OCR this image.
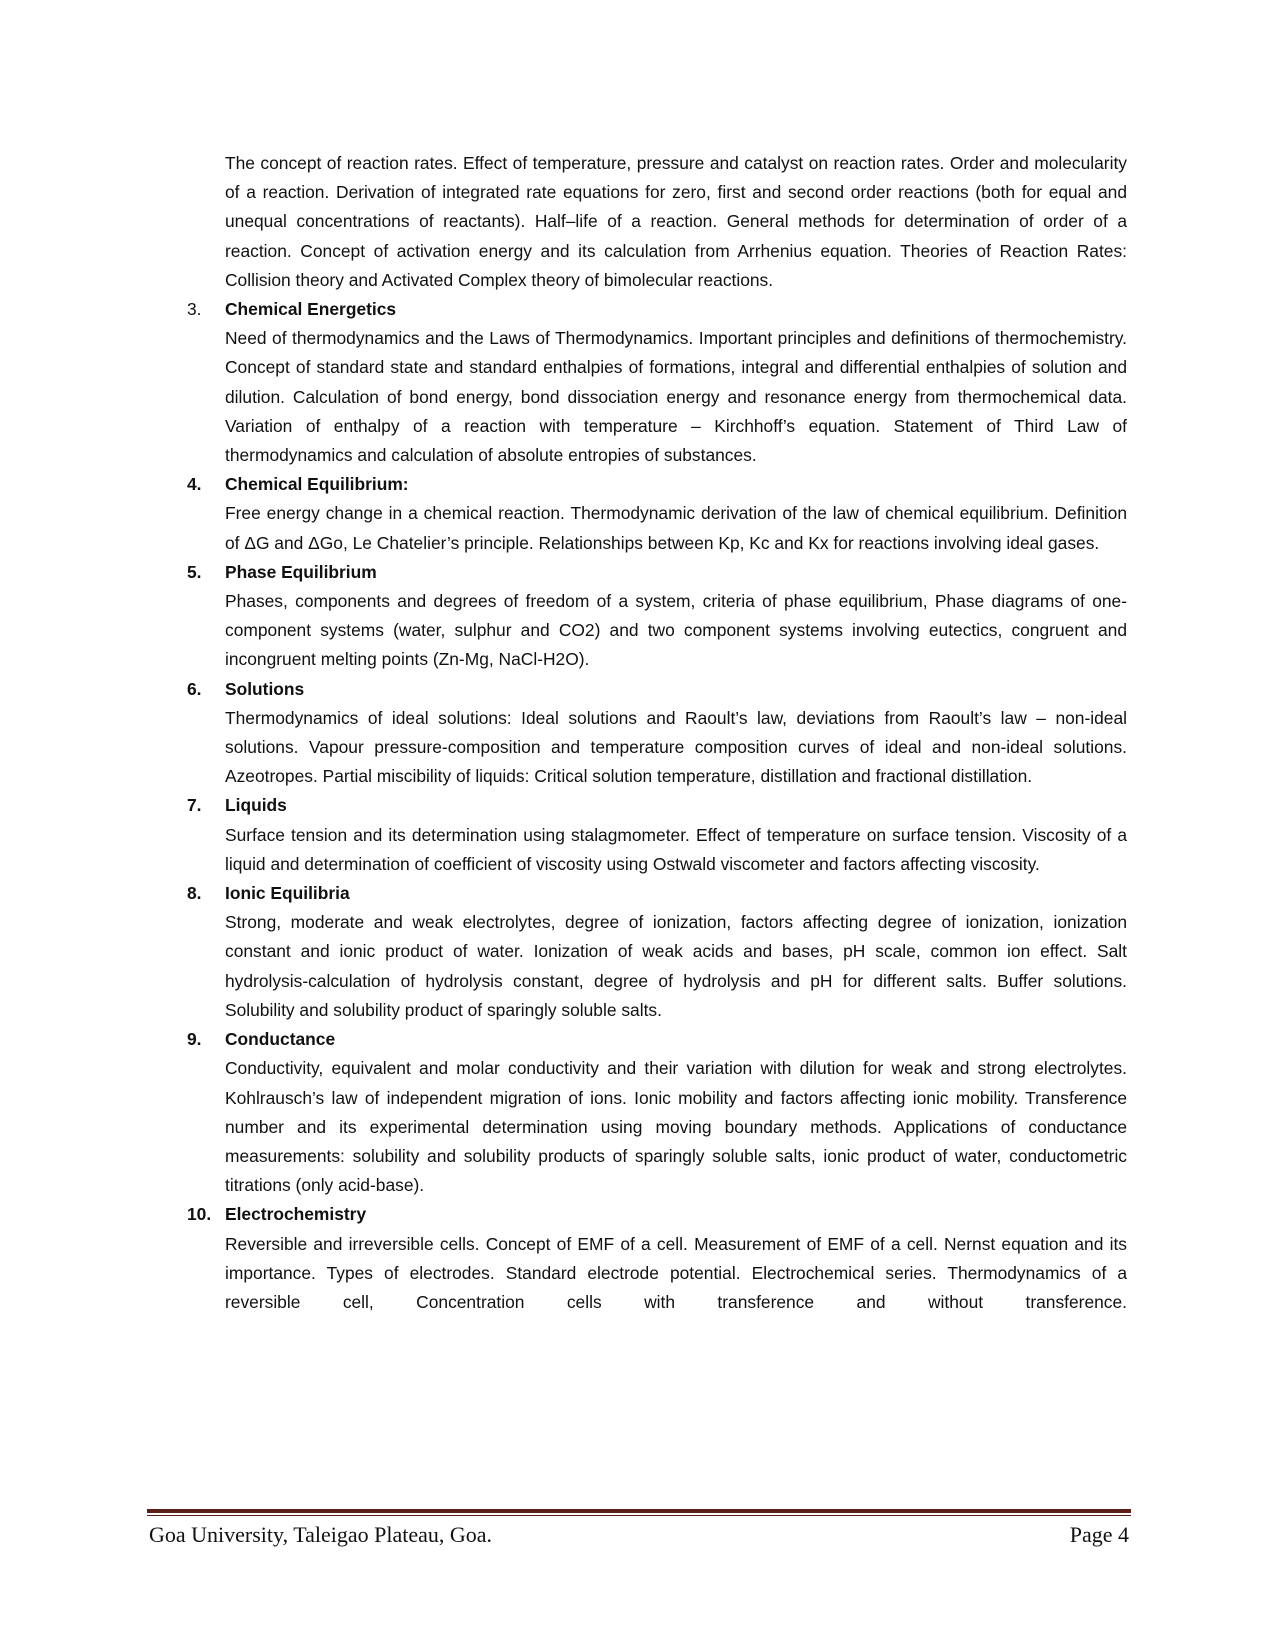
The concept of reaction rates. Effect of temperature, pressure and catalyst on reaction rates. Order and molecularity of a reaction. Derivation of integrated rate equations for zero, first and second order reactions (both for equal and unequal concentrations of reactants). Half–life of a reaction. General methods for determination of order of a reaction. Concept of activation energy and its calculation from Arrhenius equation. Theories of Reaction Rates: Collision theory and Activated Complex theory of bimolecular reactions.

3.	Chemical Energetics

Need of thermodynamics and the Laws of Thermodynamics. Important principles and definitions of thermochemistry. Concept of standard state and standard enthalpies of formations, integral and differential enthalpies of solution and dilution. Calculation of bond energy, bond dissociation energy and resonance energy from thermochemical data. Variation of enthalpy of a reaction with temperature – Kirchhoff’s equation. Statement of Third Law of thermodynamics and calculation of absolute entropies of substances.

4.	Chemical Equilibrium:

Free energy change in a chemical reaction. Thermodynamic derivation of the law of chemical equilibrium. Definition of ΔG and ΔGo, Le Chatelier’s principle. Relationships between Kp, Kc and Kx for reactions involving ideal gases.

5.	Phase Equilibrium

Phases, components and degrees of freedom of a system, criteria of phase equilibrium, Phase diagrams of one-component systems (water, sulphur and CO2) and two component systems involving eutectics, congruent and incongruent melting points (Zn-Mg, NaCl-H2O).

6.	Solutions

Thermodynamics of ideal solutions: Ideal solutions and Raoult’s law, deviations from Raoult’s law – non-ideal solutions. Vapour pressure-composition and temperature composition curves of ideal and non-ideal solutions. Azeotropes. Partial miscibility of liquids: Critical solution temperature, distillation and fractional distillation.

7.	Liquids

Surface tension and its determination using stalagmometer. Effect of temperature on surface tension. Viscosity of a liquid and determination of coefficient of viscosity using Ostwald viscometer and factors affecting viscosity.

8.	Ionic Equilibria

Strong, moderate and weak electrolytes, degree of ionization, factors affecting degree of ionization, ionization constant and ionic product of water. Ionization of weak acids and bases, pH scale, common ion effect. Salt hydrolysis-calculation of hydrolysis constant, degree of hydrolysis and pH for different salts. Buffer solutions. Solubility and solubility product of sparingly soluble salts.

9.	Conductance

Conductivity, equivalent and molar conductivity and their variation with dilution for weak and strong electrolytes. Kohlrausch’s law of independent migration of ions. Ionic mobility and factors affecting ionic mobility. Transference number and its experimental determination using moving boundary methods. Applications of conductance measurements: solubility and solubility products of sparingly soluble salts, ionic product of water, conductometric titrations (only acid-base).

10. Electrochemistry

Reversible and irreversible cells. Concept of EMF of a cell. Measurement of EMF of a cell. Nernst equation and its importance. Types of electrodes. Standard electrode potential. Electrochemical series. Thermodynamics of a reversible cell, Concentration cells with transference and without transference.

Goa University, Taleigao Plateau, Goa.	Page 4
